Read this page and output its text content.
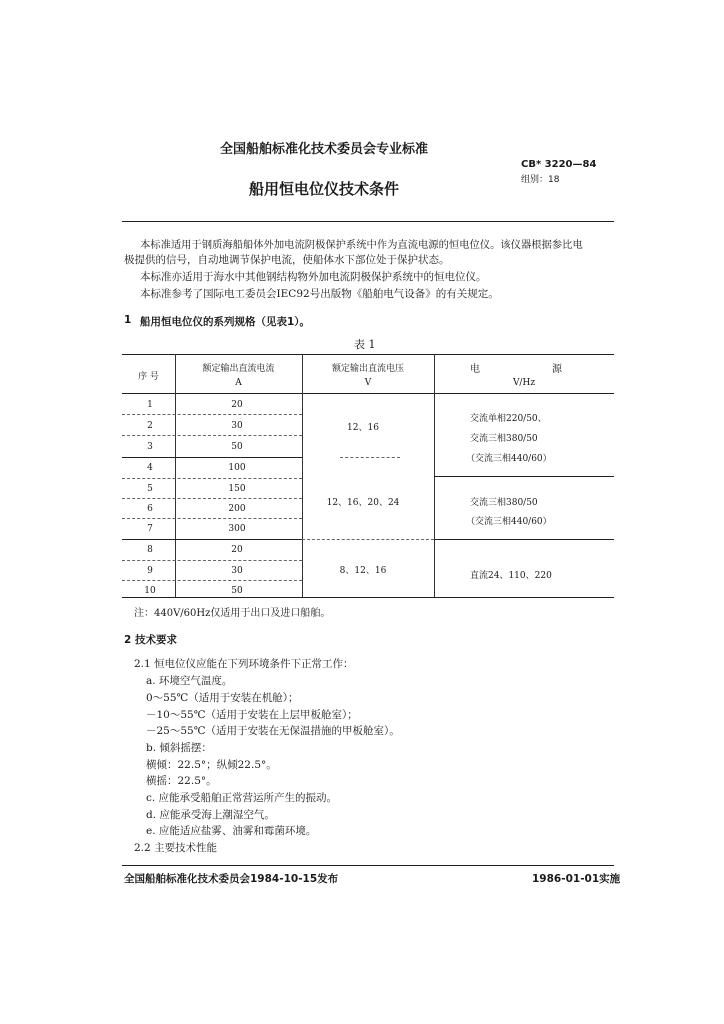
全国船舶标准化技术委员会专业标准
CB* 3220—84
组别：18
船用恒电位仪技术条件
本标准适用于钢质海船船体外加电流阴极保护系统中作为直流电源的恒电位仪。该仪器根据参比电
极提供的信号，自动地调节保护电流，使船体水下部位处于保护状态。
本标准亦适用于海水中其他钢结构物外加电流阴极保护系统中的恒电位仪。
本标准参考了国际电工委员会IEC92号出版物《船舶电气设备》的有关规定。
1 船用恒电位仪的系列规格（见表1）。
表 1
序 号
额定输出直流电流
A
额定输出直流电压
V
电	源
V/Hz
1
2
3
4
5
6
7
8
9
10
20
30
50
100
150
200
300
20
30
50
12、16
12、16、20、24
8、12、16
交流单相220/50、
交流三相380/50
（交流三相440/60）
交流三相380/50
（交流三相440/60）
直流24、110、220
注：440V/60Hz仅适用于出口及进口船舶。
2 技术要求
2.1 恒电位仪应能在下列环境条件下正常工作：
a. 环境空气温度。
0～55℃（适用于安装在机舱）；
－10～55℃（适用于安装在上层甲板舱室）；
－25～55℃（适用于安装在无保温措施的甲板舱室）。
b. 倾斜摇摆：
横倾：22.5°；纵倾22.5°。
横摇：22.5°。
c. 应能承受船舶正常营运所产生的振动。
d. 应能承受海上潮湿空气。
e. 应能适应盐雾、油雾和霉菌环境。
2.2 主要技术性能
全国船舶标准化技术委员会1984-10-15发布	1986-01-01实施
